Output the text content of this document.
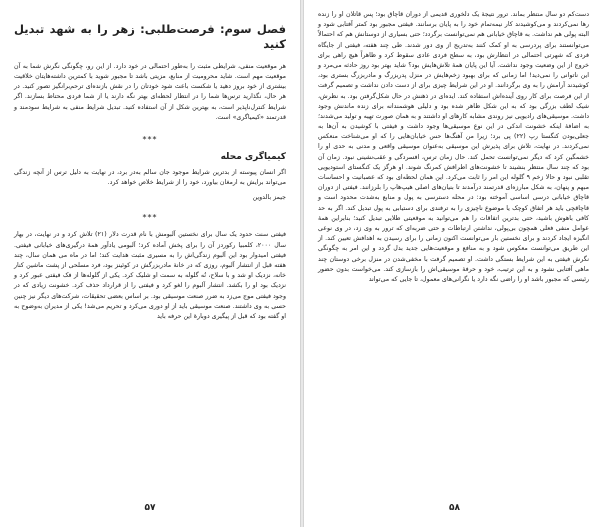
فصل سوم: فرصت‌طلبی: زهر را به شهد تبدیل کنید

هر موقعیت منفی، شرایطی مثبت را به‌طور احتمالی در خود دارد. از این رو، چگونگی نگرش شما به آن موقعیت مهم است. شاید محرومیت از منابع، مزیتی باشد تا مجبور شوید با کمترین داشته‌هایتان خلاقیت بیشتری از خود بروز دهید یا شکست باعث شود خودتان را در نقش بازنده‌ای ترحم‌برانگیز تصور کنید. در هر حال، نگذارید ترس‌ها شما را در انتظار لحظه‌ای بهتر نگه دارند یا از شما فردی محتاط بسازند. اگر شرایط کنترل‌ناپذیر است، به بهترین شکل از آن استفاده کنید. تبدیل شرایط منفی به شرایط سودمند و قدرتمند «کیمیاگری» است.

***
کیمیاگری محله

اگر انسان پیوسته از بدترین شرایط موجود جان سالم به‌در برد، در نهایت به دلیل ترس از آنچه زندگی می‌تواند برایش به ارمغان بیاورد، خود را از شرایط خلاص خواهد کرد.

جیمز بالدوین
***

فیفتی سنت حدود یک سال برای نخستین آلبومش با نام قدرت دلار (۲۱) تلاش کرد و در نهایت، در بهار سال ۲۰۰۰، کلمبیا رکوردز آن را برای پخش آماده کرد؛ آلبومی یادآور همهٔ درگیری‌های خیابانی فیفتی. فیفتی امیدوار بود این آلبوم زندگی‌اش را به مسیری مثبت هدایت کند؛ اما در ماه می همان سال، چند هفته قبل از انتشار آلبوم، روزی که در خانهٔ مادربزرگش در کوئینز بود، فرد مسلحی از پشت ماشین کنار خانه، نزدیک او شد و با سلاح، نُه گلوله به سمت او شلیک کرد. یکی از گلوله‌ها از فک فیفتی عبور کرد و نزدیک بود او را بکشد. انتشار آلبوم را لغو کرد و فیفتی را از قرارداد حذف کرد. خشونت زیادی که در وجود فیفتی موج می‌زد به ضرر صنعت موسیقی بود. بر اساس بعضی تحقیقات، شرکت‌های دیگر نیز چنین حسی به وی داشتند. صنعت موسیقی باید از او دوری می‌کرد و تحریم می‌شد! یکی از مدیران به‌وضوح به او گفته بود که قبل از پیگیری دوبارهٔ این حرفه باید

۵۷

دست‌کم دو سال منتظر بماند. ترور نتیجهٔ یک دلخوری قدیمی از دوران قاچاق بود؛ پس قاتلان او را زنده رها نمی‌کردند و می‌کوشیدند کار نیمه‌تمام خود را به پایان برسانند. فیفتی مجبور بود کمتر آفتابی شود و البته پولی هم نداشت. به قاچاق خیابانی هم نمی‌توانست برگردد؛ حتی بسیاری از دوستانش هم که احتمالاً می‌توانستند برای پردرسی به او کمک کنند به‌تدریج از وی دور شدند. طی چند هفته، فیفتی از جایگاه فردی که شهرتی احتمالی در انتظارش بود، به سطح فردی عادی سقوط کرد و ظاهراً هیچ راهی برای خروج از این وضعیت وجود نداشت. آیا این پایان همهٔ تلاش‌هایش بود؟ شاید بهتر بود روز حادثه می‌مرد و این ناتوانی را نمی‌دید! اما زمانی که برای بهبود زخم‌هایش در منزل پدربزرگ و مادربزرگ بستری بود، کوشیدند آرامش را به وی برگردانند. او در این شرایط چیزی برای از دست دادن نداشت و تصمیم گرفت از این فرصت برای کار روی آینده‌اش استفاده کند. ایده‌ای در ذهنش در حال شکل‌گرفتن بود. به نظرش، شیک لطف بزرگی بود که به این شکل ظاهر شده بود و دلیلی هوشمندانه برای زنده ماندنش وجود داشت. موسیقی‌های رادیویی نیز روندی مشابه کارهای او داشتند و به همان صورت تهیه و تولید می‌شدند؛ به اضافهٔ اینکه خشونت اندکی در این نوع موسیقی‌ها وجود داشت و فیفتی با کوشیدن به آن‌ها به جعلی‌بودن کنگستا رپ (۲۲) پی برد؛ زیرا من آهنگ‌ها حس خیابان‌هایی را که او می‌شناخت منعکس نمی‌کردند. در نهایت، تلاش برای پذیرش این موسیقی به‌عنوان موسیقی واقعی و مدنی به حدی او را خشمگین کرد که دیگر نمی‌توانست تحمل کند. حال زمان ترس، افسردگی و عقب‌نشینی نبود. زمان آن بود که چند سال منتظر بنشیند تا خشونت‌های اطرافش کمرنگ شوند. او هرگز یک کنگستای استودیویی تقلبی نبود و حالا زخم ۹ گلوله این امر را ثابت می‌کرد. این همان لحظه‌ای بود که عصبانیت و احساسات مبهم و پنهان، به شکل مبارزه‌ای قدرتمند درآمدند تا بنیان‌های اصلی هیپ‌هاپ را بلرزانند. فیفتی از دوران قاچاق خیابانی درسی اساسی آموخته بود: در محله دسترسی به پول و منابع به‌شدت محدود است و قاچاقچی باید هر اتفاق کوچک یا موضوع ناچیزی را به ترفندی برای دستیابی به پول تبدیل کند. اگر به حد کافی باهوش باشید، حتی بدترین اتفاقات را هم می‌توانید به موقعیتی طلایی تبدیل کنید؛ بنابراین همهٔ عوامل منفی فعلی همچون بی‌پولی، نداشتن ارتباطات و حتی ضربه‌ای که ترور به وی زد، در وی نوعی انگیزه ایجاد کردند و برای نخستین بار می‌توانست اکنون زمانی را برای رسیدن به اهدافش تعیین کند. از این طریق می‌توانست معکوس شود و به منافع و موقعیت‌هایی جدید بدل گردد و این امر به چگونگی نگرش فیفتی به این شرایط بستگی داشت. او تصمیم گرفت با مخفی‌شدن در منزل برخی دوستان چند ماهی آفتابی نشود و به این ترتیب، خود و حرفهٔ موسیقی‌اش را بازسازی کند. می‌خواست بدون حضور رئیسی که مجبور باشد او را راضی نگه دارد یا نگرانی‌های معمول، تا جایی که می‌تواند

۵۸
